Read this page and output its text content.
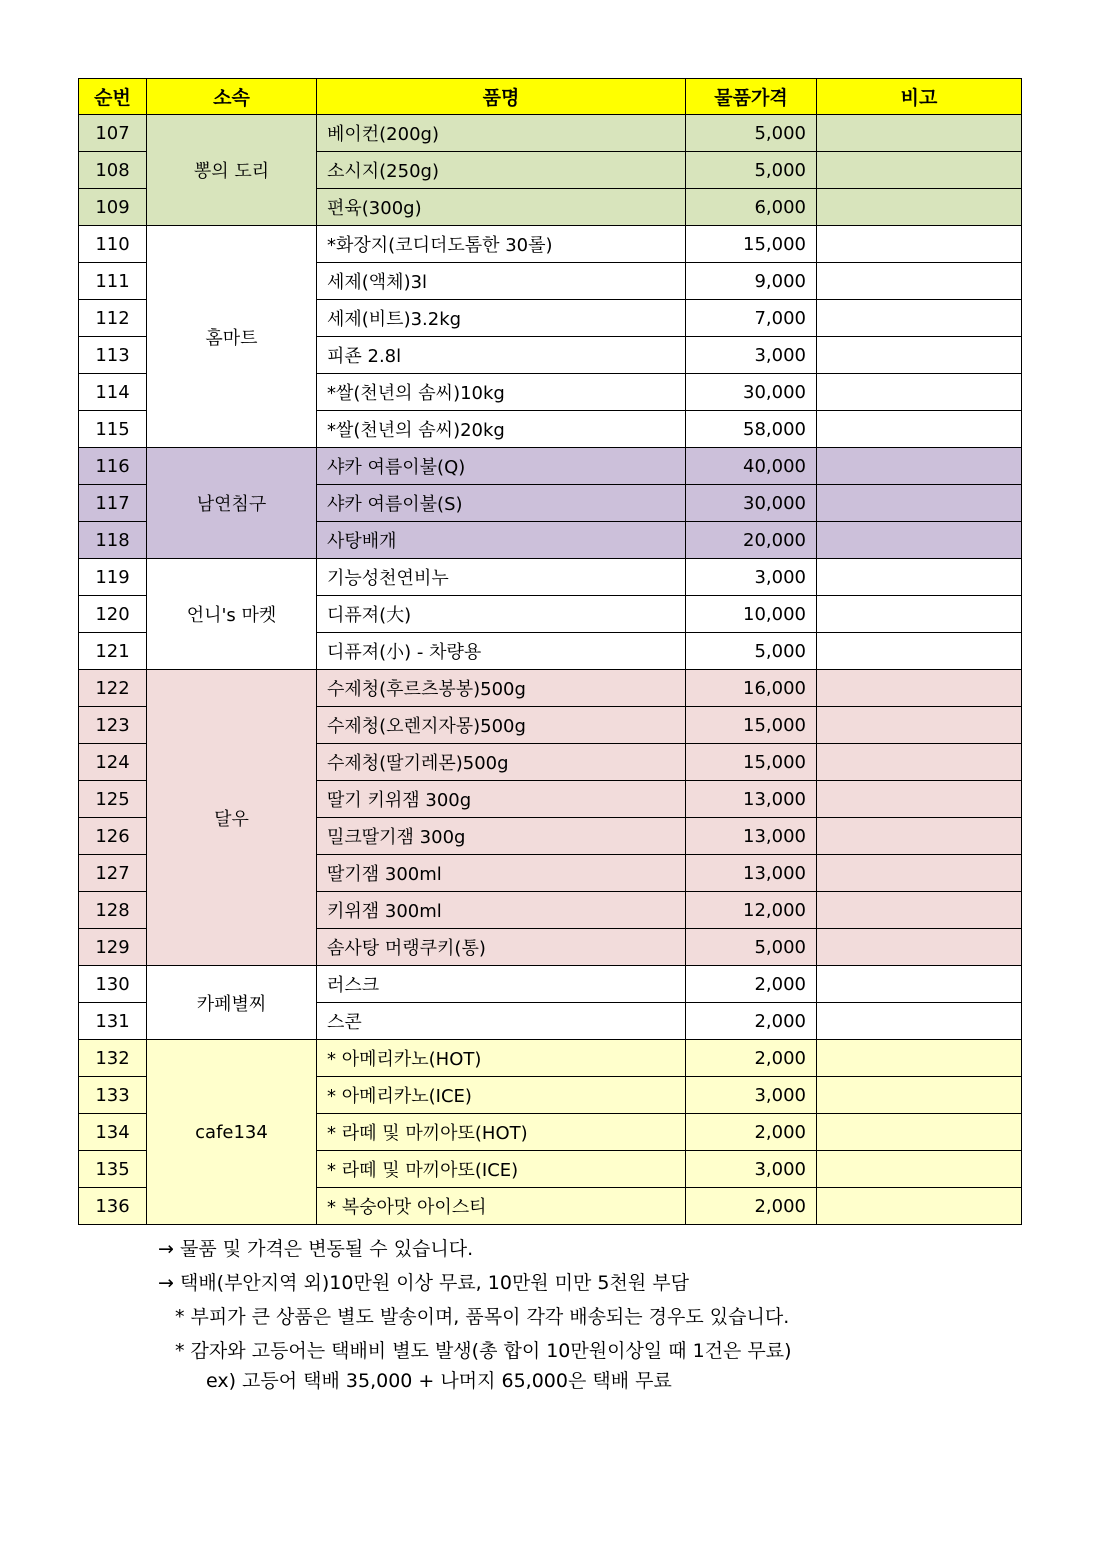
순번	소속	품명	물품가격	비고
107	뽕의 도리	베이컨(200g)	5,000	
108		소시지(250g)	5,000	
109		편육(300g)	6,000	
110	홈마트	*화장지(코디더도톰한 30롤)	15,000	
111		세제(액체)3l	9,000	
112		세제(비트)3.2kg	7,000	
113		피죤 2.8l	3,000	
114		*쌀(천년의 솜씨)10kg	30,000	
115		*쌀(천년의 솜씨)20kg	58,000	
116	남연침구	샤카 여름이불(Q)	40,000	
117		샤카 여름이불(S)	30,000	
118		사탕배개	20,000	
119	언니's 마켓	기능성천연비누	3,000	
120		디퓨져(大)	10,000	
121		디퓨져(小) - 차량용	5,000	
122	달우	수제청(후르츠봉봉)500g	16,000	
123		수제청(오렌지자몽)500g	15,000	
124		수제청(딸기레몬)500g	15,000	
125		딸기 키위잼 300g	13,000	
126		밀크딸기잼 300g	13,000	
127		딸기잼 300ml	13,000	
128		키위잼 300ml	12,000	
129		솜사탕 머랭쿠키(통)	5,000	
130	카페별찌	러스크	2,000	
131		스콘	2,000	
132	cafe134	* 아메리카노(HOT)	2,000	
133		* 아메리카노(ICE)	3,000	
134		* 라떼 및 마끼아또(HOT)	2,000	
135		* 라떼 및 마끼아또(ICE)	3,000	
136		* 복숭아맛 아이스티	2,000	
→ 물품 및 가격은 변동될 수 있습니다.
→ 택배(부안지역 외)10만원 이상 무료, 10만원 미만 5천원 부담
* 부피가 큰 상품은 별도 발송이며, 품목이 각각 배송되는 경우도 있습니다.
* 감자와 고등어는 택배비 별도 발생(총 합이 10만원이상일 때 1건은 무료)
ex) 고등어 택배 35,000 + 나머지 65,000은 택배 무료
